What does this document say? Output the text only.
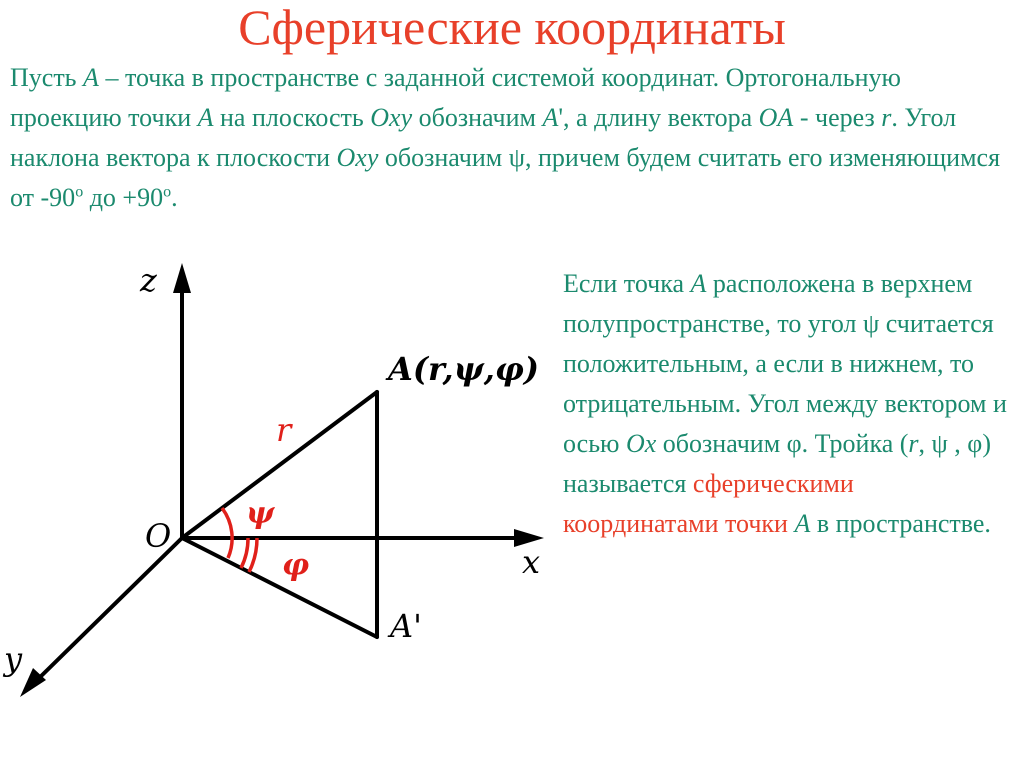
Сферические координаты
Пусть A – точка в пространстве с заданной системой координат. Ортогональную проекцию точки A на плоскость Oxy обозначим A', а длину вектора OA - через r. Угол наклона вектора к плоскости Oxy обозначим ψ, причем будем считать его изменяющимся от -90$^o$ до $+90^o$.
Если точка A расположена в верхнем полупространстве, то угол ψ считается положительным, а если в нижнем, то отрицательным. Угол между вектором и осью Ox обозначим φ. Тройка (r, ψ , φ) называется сферическими координатами точки A в пространстве.
z
x
y
O
r
A(r,ψ,φ)
A'
ψ
φ
